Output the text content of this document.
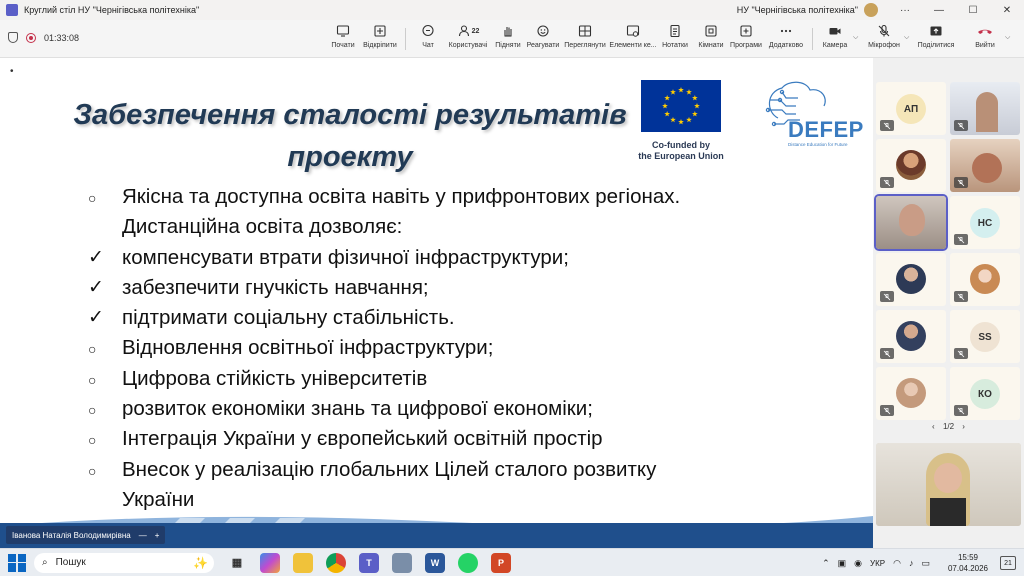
Круглий стіл НУ "Чернігівська політехніка"	НУ "Чернігівська політехніка"	···	—	☐	✕
01:33:08
Почати Відкріпити	Чат
22
Користувачі Підняти Реагувати Переглянути Елементи ке... Нотатки Кімнати Програми Додатково	Камера
⌵
Мікрофон
⌵
Поділитися	Вийти
⌵
•
Забезпечення сталості результатів проекту	Co-funded by
the European Union
DEFEP
Distance Education for Future
○	Якісна та доступна освіта навіть у прифронтових регіонах.
Дистанційна освіта дозволяє:
✓ компенсувати втрати фізичної інфраструктури;
✓ забезпечити гнучкість навчання;
✓ підтримати соціальну стабільність.
○	Відновлення освітньої інфраструктури;
○	Цифрова стійкість університетів
○	розвиток економіки знань та цифрової економіки;
○	Інтеграція України у європейський освітній простір
○	Внесок у реалізацію глобальних Цілей сталого розвитку
України
Іванова Наталія Володимирівна — +
АП
НС
SS
КО
‹ 1/2 ›
⌕ Пошук	✨	▦	T	W	P	⌃ ▣ ◉ УКР ◠ ♪ ▭	15:59
07.04.2026
21
